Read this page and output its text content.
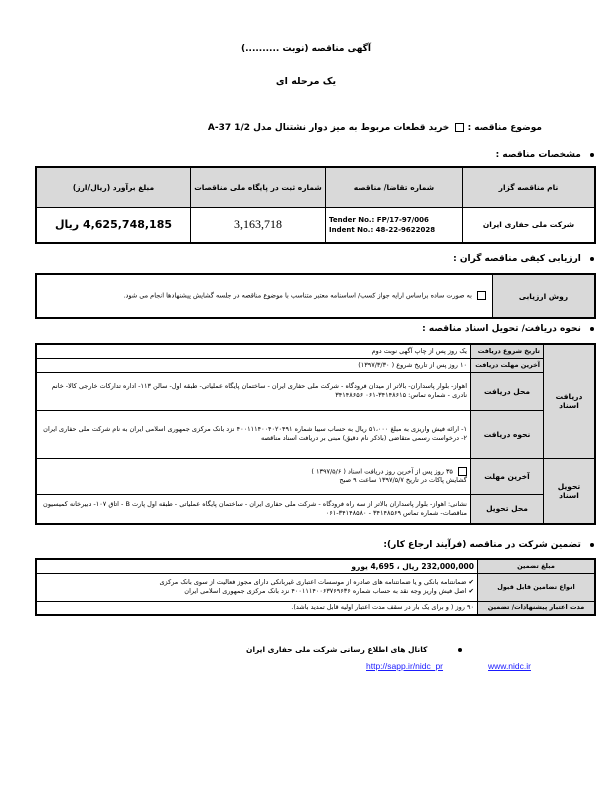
آگهی مناقصه (نوبت ..........)
یک مرحله ای
موضوع مناقصه :  خرید قطعات مربوط به میز دوار نشتنال مدل A-37 1/2
مشخصات مناقصه :
نام مناقصه گزار	شماره تقاضا/ مناقصه	شماره ثبت در پایگاه ملی مناقصات	مبلغ برآورد (ریال/ارز)
شرکت ملی حفاری ایران	Tender No.: FP/17-97/006
Indent No.: 48-22-9622028	3,163,718	4,625,748,185 ریال
ارزیابی کیفی مناقصه گران :
روش ارزیابی	به صورت ساده براساس ارایه جواز کسب/ اساسنامه معتبر متناسب با موضوع مناقصه در جلسه گشایش پیشنهادها انجام می شود.
نحوه دریافت/ تحویل اسناد مناقصه :
دریافت اسناد	تاریخ شروع دریافت	یک روز پس از چاپ آگهی نوبت دوم
	آخرین مهلت دریافت	۱۰ روز پس از تاریخ شروع ( ۱۳۹۷/۳/۳۰)
	محل دریافت	اهواز- بلوار پاسداران- بالاتر از میدان فرودگاه - شرکت ملی حفاری ایران - ساختمان پایگاه عملیاتی- طبقه اول- سالن ۱۱۳- اداره تدارکات خارجی کالا- خانم نادری - شماره تماس: ۳۴۱۴۸۶۱۵-۰۶۱ ۳۴۱۴۸۶۵۶
	نحوه دریافت	۱- ارائه فیش واریزی به مبلغ ۵۱،۰۰۰ ریال به حساب سیبا شماره ۴۰۰۱۱۱۴۰۰۴۰۲۰۴۹۱ نزد بانک مرکزی جمهوری اسلامی ایران به نام شرکت ملی حفاری ایران
۲- درخواست رسمی متقاضی (باذکر نام دقیق) مبنی بر دریافت اسناد مناقصه

تحویل اسناد	آخرین مهلت	۳۵ روز پس از آخرین روز دریافت اسناد ( ۱۳۹۷/۵/۶ )
گشایش پاکات در تاریخ ۱۳۹۷/۵/۷ ساعت ۹ صبح

	محل تحویل	نشانی: اهواز- بلوار پاسداران بالاتر از سه راه فرودگاه - شرکت ملی حفاری ایران - ساختمان پایگاه عملیاتی - طبقه اول پارت B - اتاق ۱۰۷- دبیرخانه کمیسیون مناقصات- شماره تماس ۳۴۱۴۸۵۶۹ - ۳۴۱۴۸۵۸۰-۰۶۱
تضمین شرکت در مناقصه (فرآیند ارجاع کار):
مبلغ تضمین	232,000,000 ریال ، 4,695 یورو
انواع تضامین قابل قبول	✔ ضمانتنامه بانکی و یا ضمانتنامه های صادره از موسسات اعتباری غیربانکی دارای مجوز فعالیت از سوی بانک مرکزی
✔ اصل فیش واریز وجه نقد به حساب شماره ۴۰۰۱۱۱۴۰۰۶۳۷۶۹۶۳۶ نزد بانک مرکزی جمهوری اسلامی ایران

مدت اعتبار پیشنهادات/ تضمین	۹۰ روز ( و برای یک بار در سقف مدت اعتبار اولیه قابل تمدید باشد).
کانال های اطلاع رسانی شرکت ملی حفاری ایران
http://sapp.ir/nidc_pr	www.nidc.ir
